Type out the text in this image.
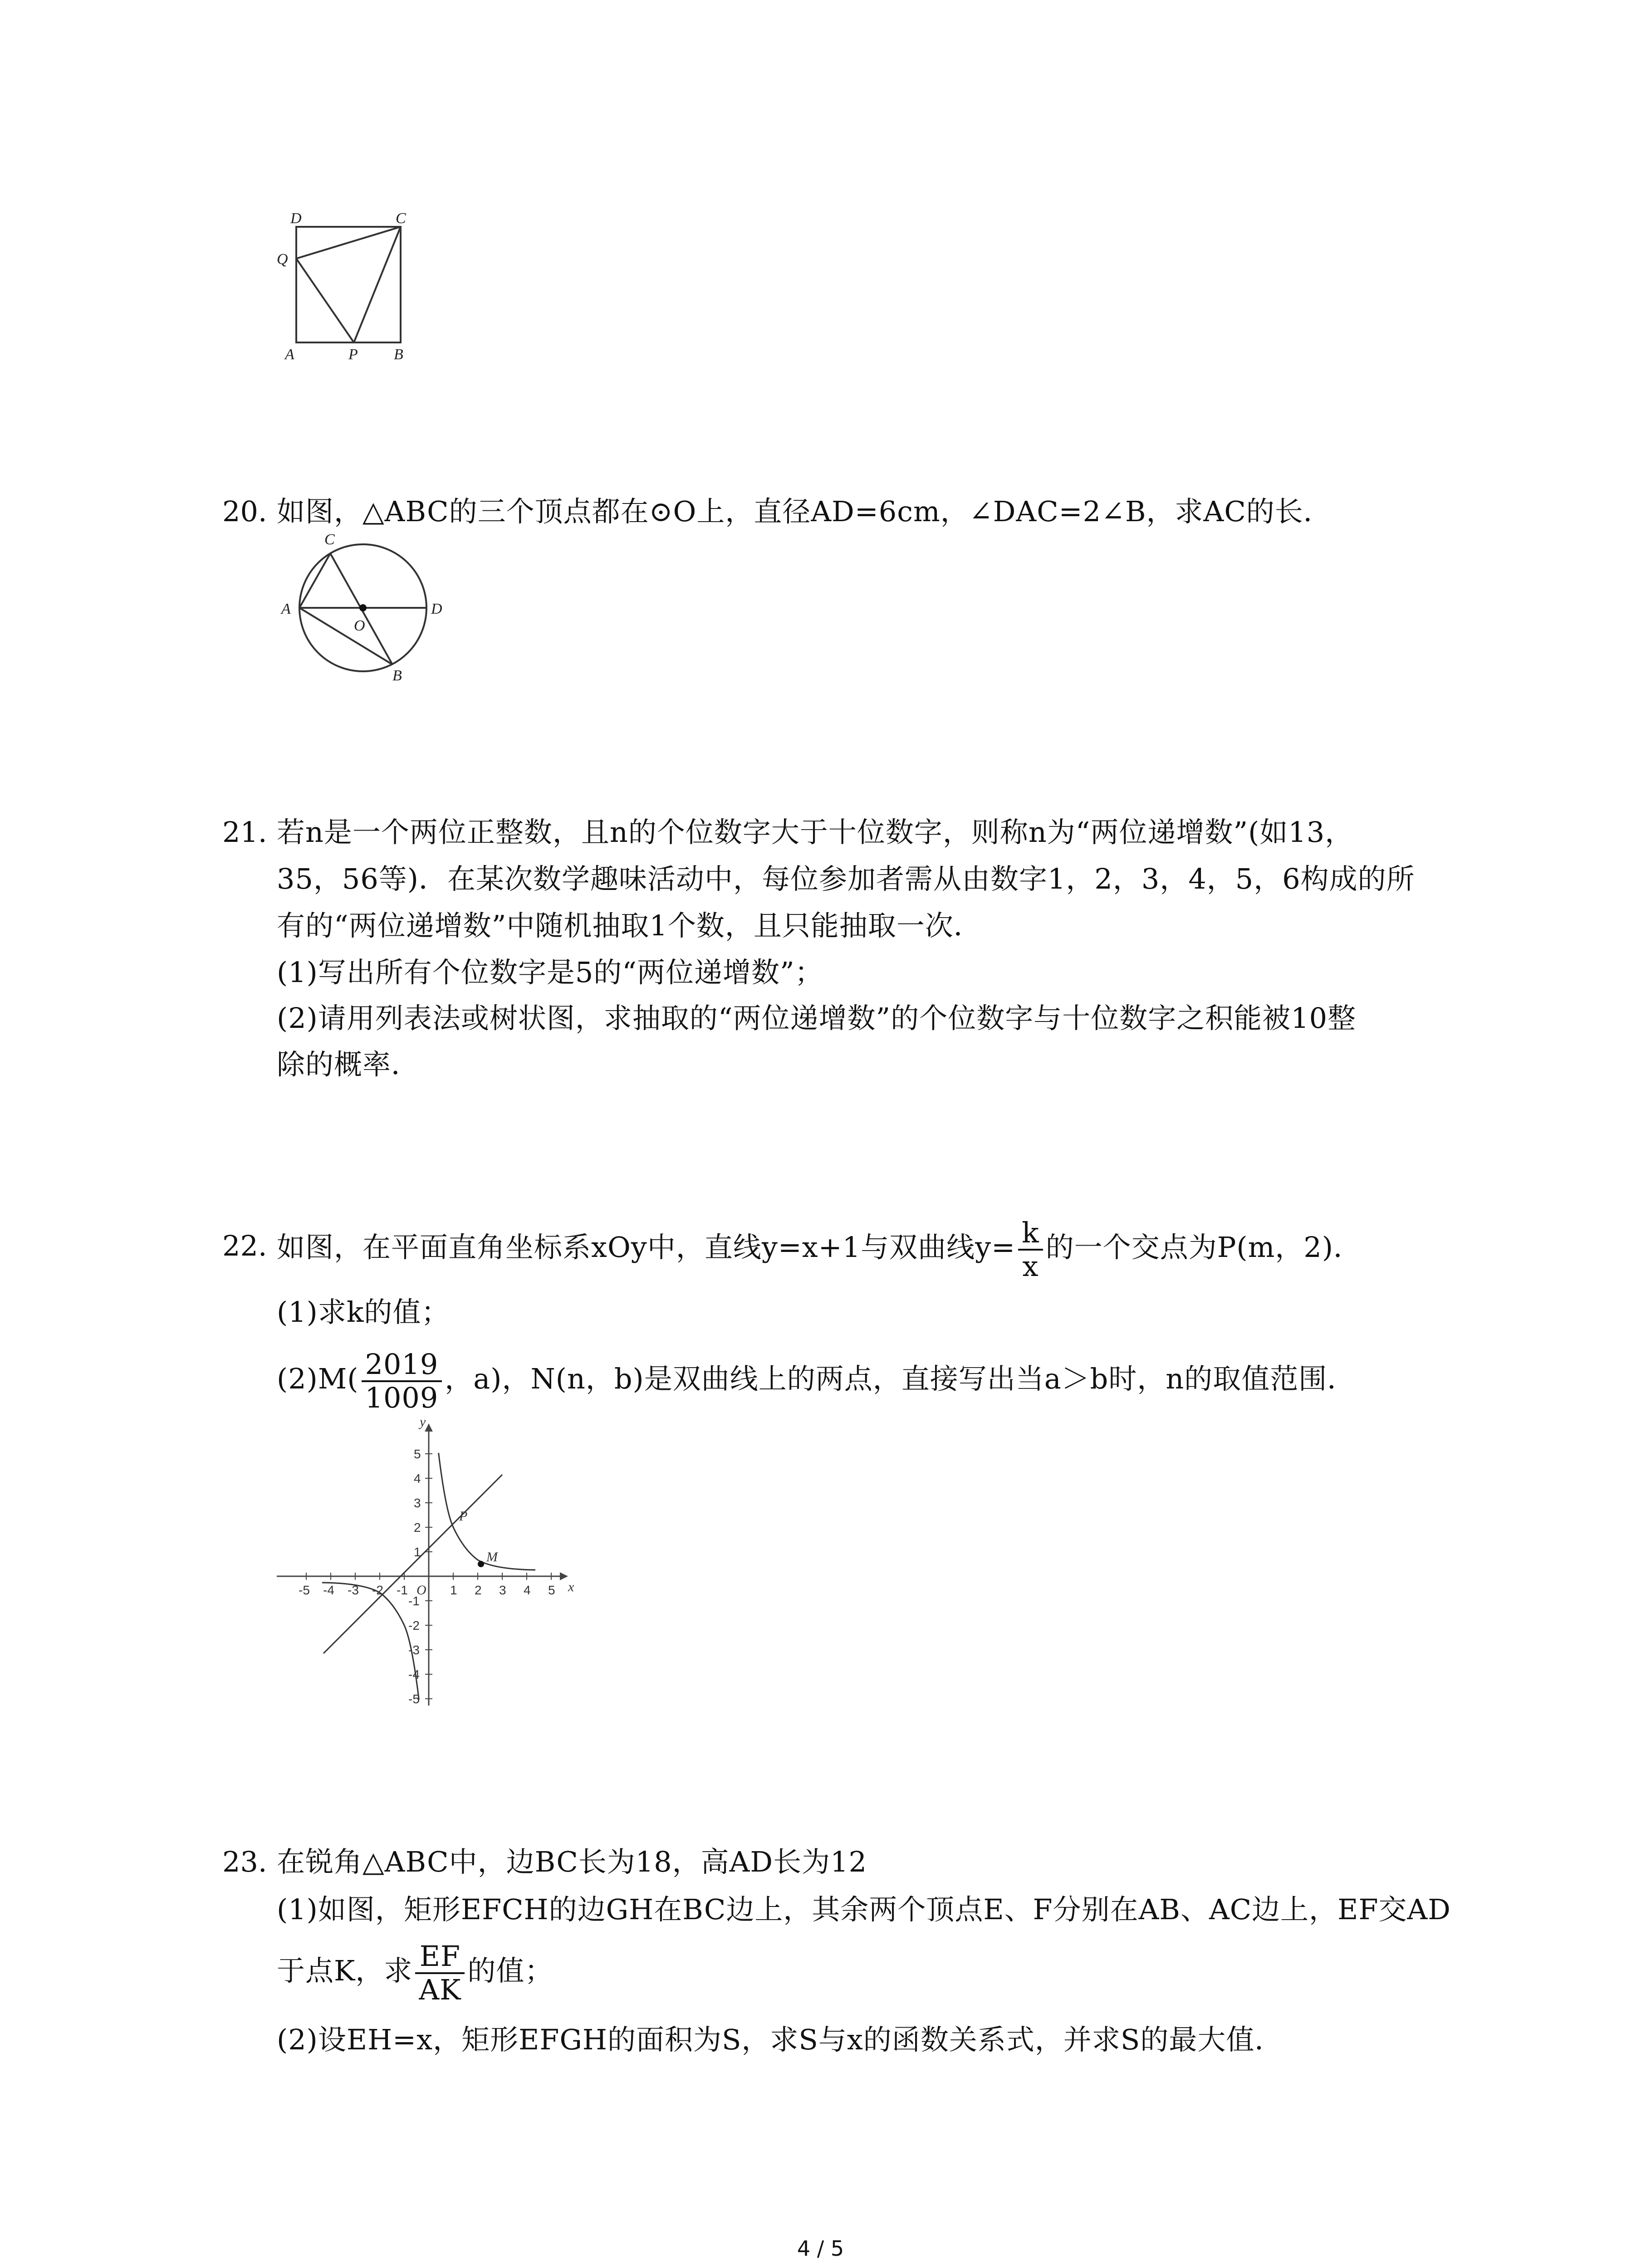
D	C
Q
A	P B
20. 如图，△ABC的三个顶点都在⊙O上，直径AD=6cm，∠DAC=2∠B，求AC的长．
C
A
O
D
B
21. 若n是一个两位正整数，且n的个位数字大于十位数字，则称n为“两位递增数”(如13，
35，56等)．在某次数学趣味活动中，每位参加者需从由数字1，2，3，4，5，6构成的所
有的“两位递增数”中随机抽取1个数，且只能抽取一次．
(1)写出所有个位数字是5的“两位递增数”；
(2)请用列表法或树状图，求抽取的“两位递增数”的个位数字与十位数字之积能被10整
除的概率．
22. 如图，在平面直角坐标系xOy中，直线y=x+1与双曲线$y= \frac{k}{x}$ 的一个交点为P(m，2)．
(1)求k的值；
$(2)M( \frac{2019}{1009}$ ，a)，N(n，b)是双曲线上的两点，直接写出当a＞b时，n的取值范围．
-5 -4 -3 -2 -1	1 2 3 4 5
5
4
3
2
1
-1
-2
-3
-4
-5
O	x
y
P
M
23. 在锐角△ABC中，边BC长为18，高AD长为12
(1)如图，矩形EFCH的边GH在BC边上，其余两个顶点E、F分别在AB、AC边上，EF交AD
于点K，求 $\frac{EF}{AK}$ 的值；
(2)设EH=x，矩形EFGH的面积为S，求S与x的函数关系式，并求S的最大值．
4 / 5
